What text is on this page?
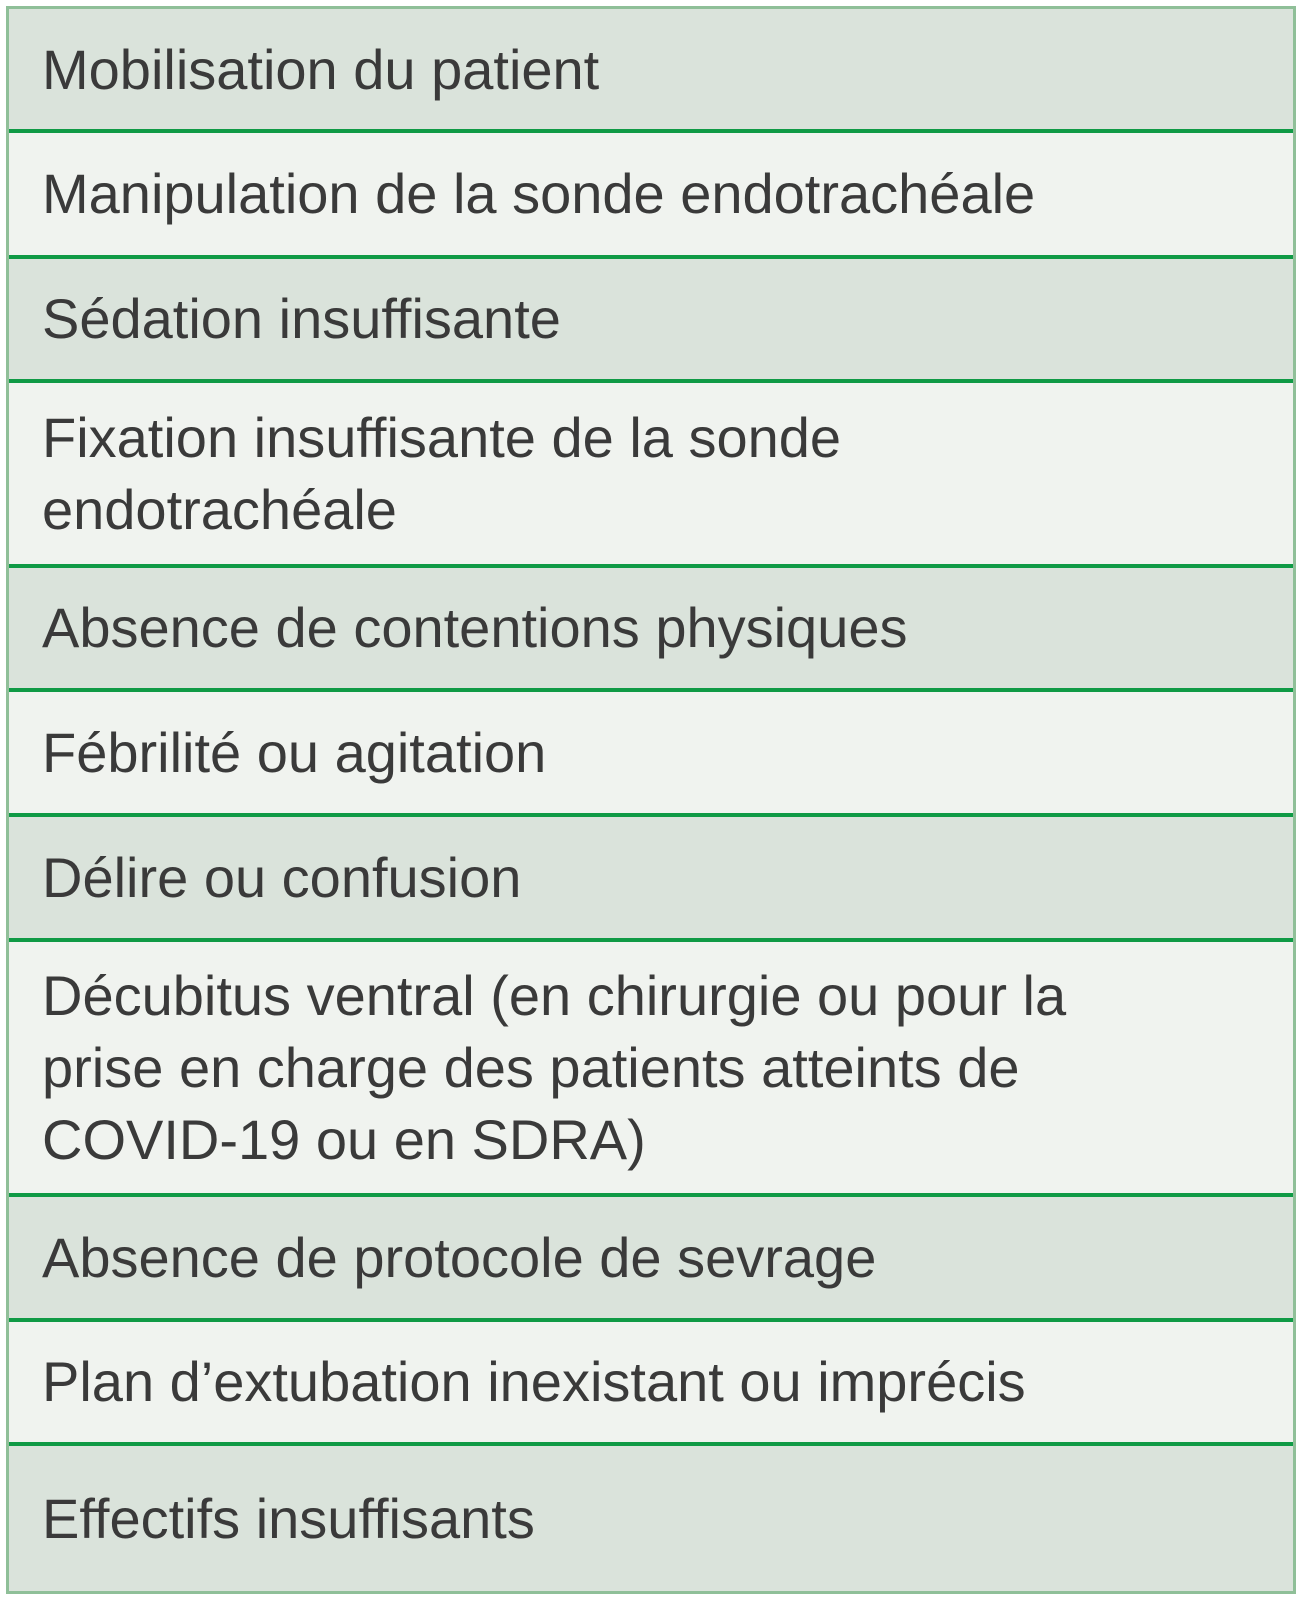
Mobilisation du patient
Manipulation de la sonde endotrachéale
Sédation insuffisante
Fixation insuffisante de la sonde
endotrachéale
Absence de contentions physiques
Fébrilité ou agitation
Délire ou confusion
Décubitus ventral (en chirurgie ou pour la
prise en charge des patients atteints de
COVID-19 ou en SDRA)
Absence de protocole de sevrage
Plan d’extubation inexistant ou imprécis
Effectifs insuffisants
